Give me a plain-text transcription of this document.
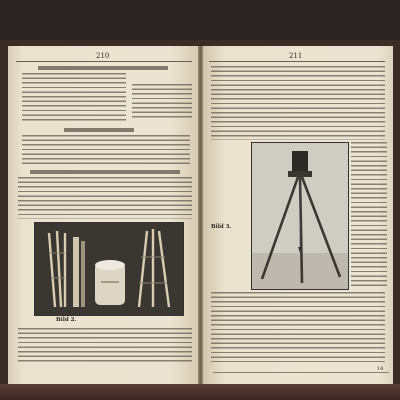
210
Bild 2.
211
Bild 3.
14
